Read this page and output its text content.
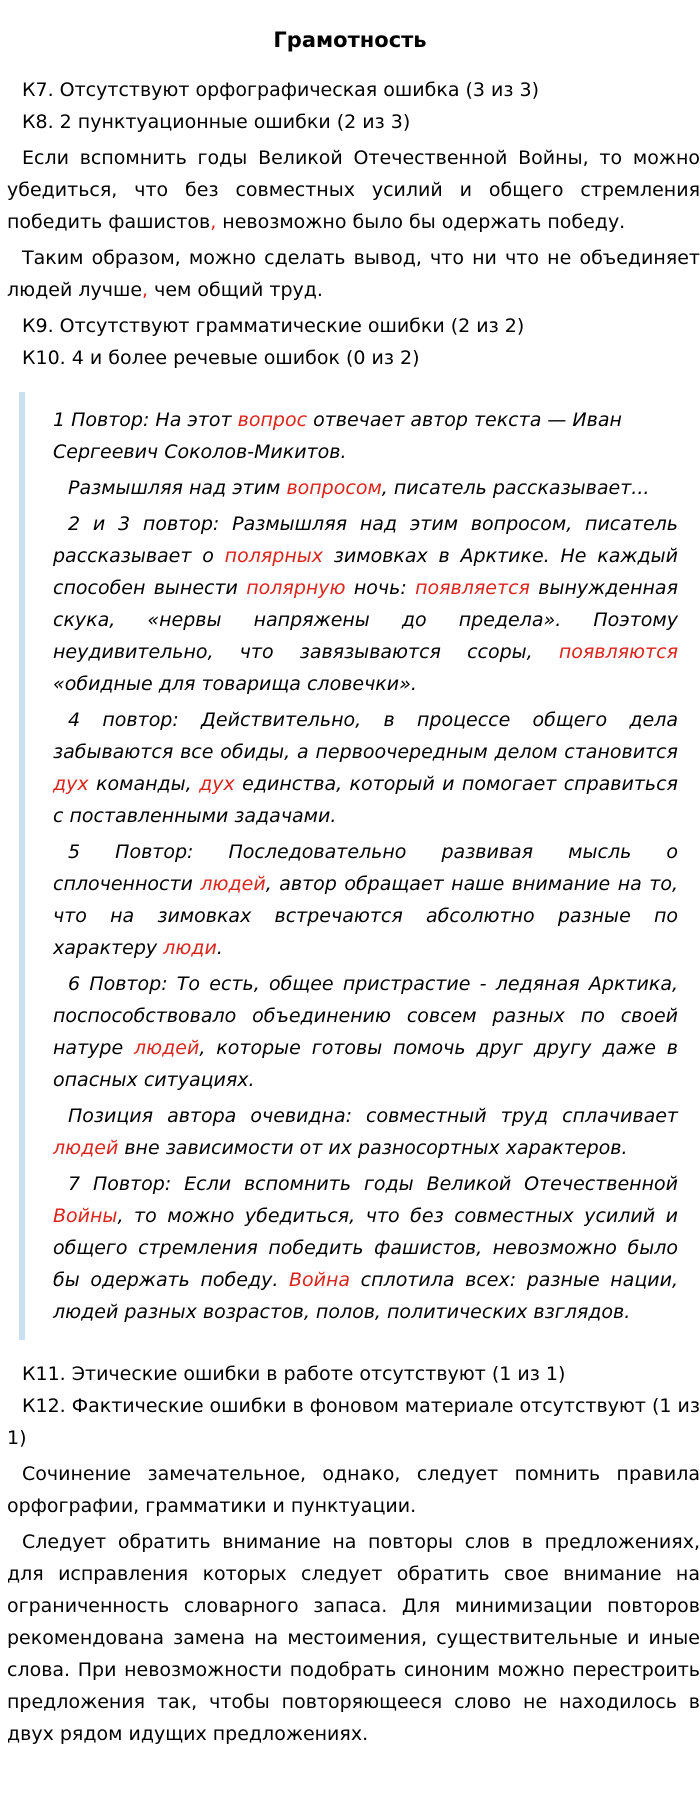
Грамотность
К7. Отсутствуют орфографическая ошибка (3 из 3)
К8. 2 пунктуационные ошибки (2 из 3)

Если вспомнить годы Великой Отечественной Войны, то можно убедиться, что без совместных усилий и общего стремления победить фашистов, невозможно было бы одержать победу.

Таким образом, можно сделать вывод, что ни что не объединяет людей лучше, чем общий труд.

К9. Отсутствуют грамматические ошибки (2 из 2)
К10. 4 и более речевые ошибок (0 из 2)

1 Повтор: На этот вопрос отвечает автор текста — Иван Сергеевич Соколов-Микитов.

Размышляя над этим вопросом, писатель рассказывает...

2 и 3 повтор: Размышляя над этим вопросом, писатель рассказывает о полярных зимовках в Арктике. Не каждый способен вынести полярную ночь: появляется вынужденная скука, «нервы напряжены до предела». Поэтому неудивительно, что завязываются ссоры, появляются «обидные для товарища словечки».

4 повтор: Действительно, в процессе общего дела забываются все обиды, а первоочередным делом становится дух команды, дух единства, который и помогает справиться с поставленными задачами.

5 Повтор: Последовательно развивая мысль о сплоченности людей, автор обращает наше внимание на то, что на зимовках встречаются абсолютно разные по характеру люди.

6 Повтор: То есть, общее пристрастие - ледяная Арктика, поспособствовало объединению совсем разных по своей натуре людей, которые готовы помочь друг другу даже в опасных ситуациях.

Позиция автора очевидна: совместный труд сплачивает людей вне зависимости от их разносортных характеров.

7 Повтор: Если вспомнить годы Великой Отечественной Войны, то можно убедиться, что без совместных усилий и общего стремления победить фашистов, невозможно было бы одержать победу. Война сплотила всех: разные нации, людей разных возрастов, полов, политических взглядов.

К11. Этические ошибки в работе отсутствуют (1 из 1)

К12. Фактические ошибки в фоновом материале отсутствуют (1 из 1)

Сочинение замечательное, однако, следует помнить правила орфографии, грамматики и пунктуации.

Следует обратить внимание на повторы слов в предложениях, для исправления которых следует обратить свое внимание на ограниченность словарного запаса. Для минимизации повторов рекомендована замена на местоимения, существительные и иные слова. При невозможности подобрать синоним можно перестроить предложения так, чтобы повторяющееся слово не находилось в двух рядом идущих предложениях.
